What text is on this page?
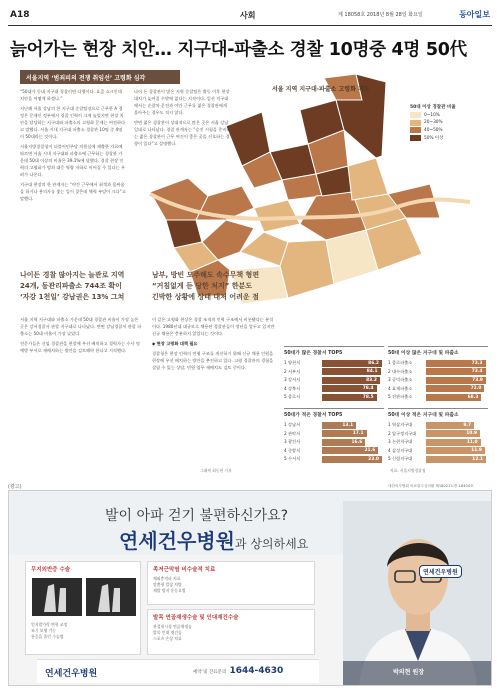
A18	사회	제 18058호 2018년 8월 28일 화요일	동아일보
늙어가는 현장 치안… 지구대-파출소 경찰 10명중 4명 50代
서울지역 ‘범죄피의 전쟁 취임선’ 고령화 심각
서울 지역 지구대·파출소 고령화 지도
50대 이상 경찰관 비율
0~10%
20~30%
40~50%
50% 이상

“50대가 동네 지구대 경찰이면 다행이다. 요즘 쇼크인데 치안을 어떻게 하겠나.”

지난해 서울 강남의 한 지구대 순찰팀장으로 근무한 A 경정은 문재인 정부에서 경찰 인력이 크게 늘었지만 현장 치안을 담당하는 지구대와 파출소의 고령화 문제는 여전하다고 말했다. 서울 시내 지구대 파출소 경찰관 10명 중 4명이 50대라는 것이다.

서울지방경찰청이 더불어민주당 의원실에 제출한 자료에 따르면 서울 시내 지구대와 파출소에 근무하는 경찰관 가운데 50대 이상의 비율은 39.1%에 달했다. 경찰 현장 인력의 고령화가 범죄 대응 역량 저하로 이어질 수 있다는 우려가 나온다.

지구대 현장의 한 관계자는 “야간 근무에서 취객과 몸싸움을 하거나 용의자를 쫓는 일이 잦은데 체력 부담이 크다”고 말했다.

나이 든 경찰관이 많은 지역 순찰팀은 출동 이후 현장 대처가 늦어질 수밖에 없다는 지적이다. 일선 지구대에서는 순찰차 운전과 야간 근무를 젊은 경찰관에게 몰아주는 경우도 적지 않다.

반면 젊은 경찰관이 상대적으로 많은 곳은 서울 강남 일대로 나타났다. 경찰 관계자는 “승진 시험을 준비하는 젊은 경찰관이 근무 여건이 좋은 곳을 선호하는 경향이 있다”고 설명했다.

나이든 경찰 많아지는 늘관로 지역
24개, 동관리파출소 744조 확이
‘자강 1천일’ 강남권은 13% 그쳐
남부, 방빈 도주해도 속수무책 형편
“거침없게 듣 당한 처지” 한분도
긴박한 상황에 상태 대처 어려운 점

서울 지역 지구대와 파출소 가운데 50대 경찰관 비율이 가장 높은 곳은 강서경찰서 관할 지구대로 나타났다. 반면 강남경찰서 관할 파출소는 50대 비율이 가장 낮았다.

전문가들은 신임 경찰관을 현장에 우선 배치하고 경력자는 수사 및 예방 부서로 재배치하는 방안을 검토해야 한다고 지적했다.

이 같은 고령화 현상은 경찰 조직의 인력 구조에서 비롯됐다는 분석이다. 1980년대 대규모로 채용된 경찰관들이 정년을 앞두고 있지만 신규 채용은 충분하지 않았다는 것이다.

◆ 현장 고령화 대책 필요

경찰청은 현장 인력의 연령 구조를 개선하기 위해 신규 채용 인원을 현장에 우선 배치하는 방안을 추진하고 있다. 고령 경찰관의 경험을 살릴 수 있는 상담, 민원 업무 재배치도 검토 중이다.

50대가 많은 경찰서 TOP5
1 양천서	86.2
2 서부서	84.1
3 강서서	83.2
4 강북서	78.4
5 종로서	78.5
50대 이상 많은 지구대 및 파출소
1 종로파출소	73.3
2 내수파출소	73.4
3 공덕파출소	73.9
4 효제파출소	72.0
5 진관파출소	68.3
50대가 적은 경찰서 TOP5
1 강남서	13.1
2 관악서	17.1
3 광진서	16.6
4 중랑서	21.6
5 수서서	23.0
50대 이상 적은 지구대 및 파출소
1 역삼지구대	9.7
2 압구정지구대	10.9
3 논현지구대	11.0
4 삼성지구대	11.9
5 신림지구대	12.1
자료: 서울지방경찰청
그래픽 최동현 기자
(광고)	대한의사협회 의료광고심의필 제180213-중-18404호
발이 아파 걷기 불편하신가요?
연세건우병원과 상의하세요
무지외반증 수술
엄지발가락 변형 교정
조기 보행 가능
통증을 줄인 수술법
족저근막염 비수술적 치료
체외충격파 치료
맞춤형 깔창 처방
재발 방지 운동요법
발목 연골재생수술 및 인대재건수술
관절내시경 연골재생술
발목 인대 재건술
스포츠 손상 치료
연세건우병원	예약 및 진료문의 1644-4630
연세건우병원
박의현 원장
